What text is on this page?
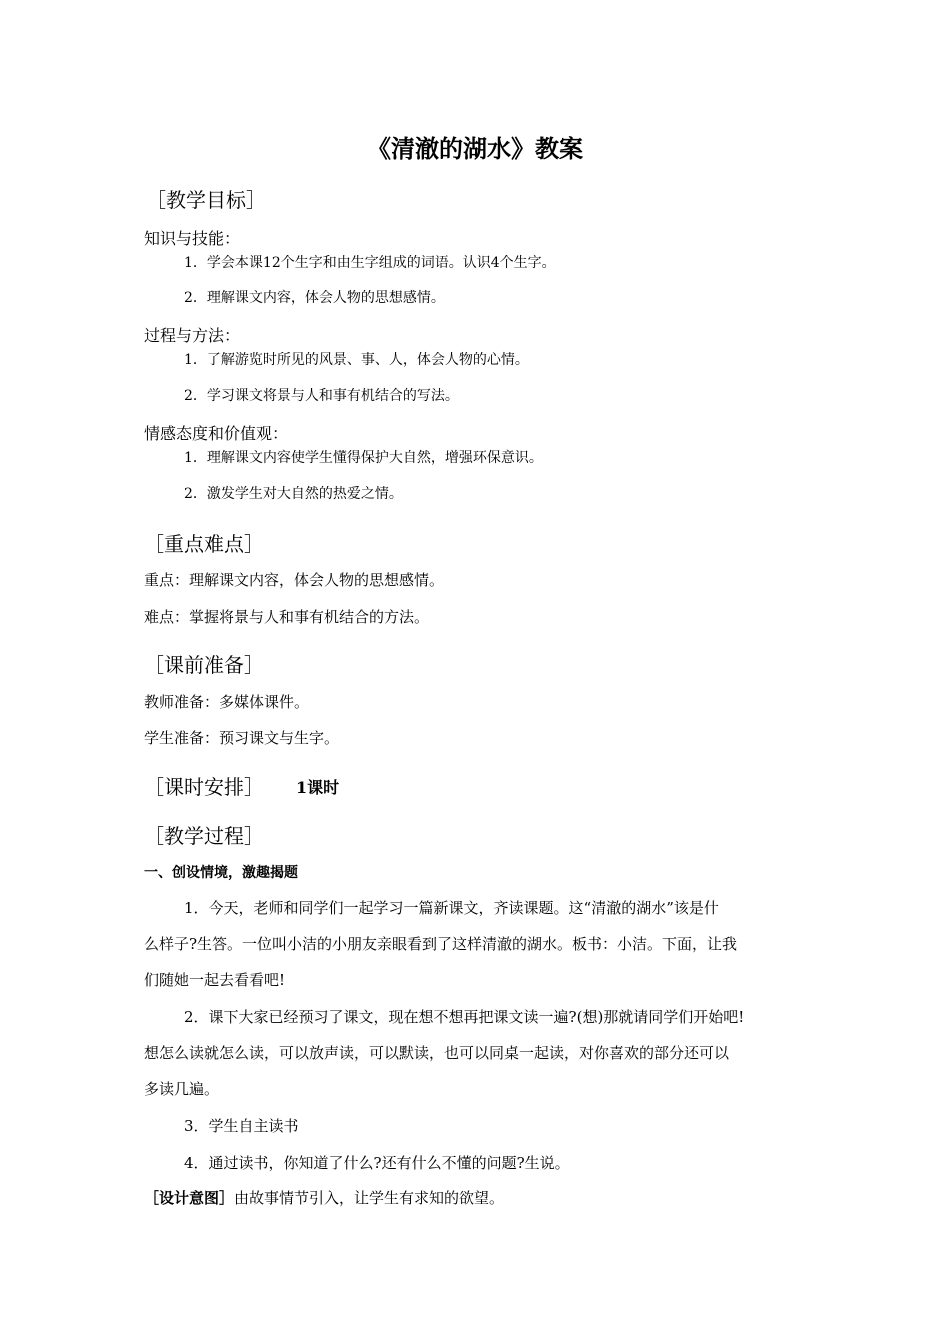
《清澈的湖水》教案
［教学目标］
知识与技能：
1．学会本课12个生字和由生字组成的词语。认识4个生字。
2．理解课文内容，体会人物的思想感情。
过程与方法：
1．了解游览时所见的风景、事、人，体会人物的心情。
2．学习课文将景与人和事有机结合的写法。
情感态度和价值观：
1．理解课文内容使学生懂得保护大自然，增强环保意识。
2．激发学生对大自然的热爱之情。
［重点难点］
重点：理解课文内容，体会人物的思想感情。
难点：掌握将景与人和事有机结合的方法。
［课前准备］
教师准备：多媒体课件。
学生准备：预习课文与生字。
［课时安排］ 1课时
［教学过程］
一、创设情境，激趣揭题
1．今天，老师和同学们一起学习一篇新课文，齐读课题。这“清澈的湖水”该是什
么样子?生答。一位叫小洁的小朋友亲眼看到了这样清澈的湖水。板书：小洁。下面，让我
们随她一起去看看吧!
2．课下大家已经预习了课文，现在想不想再把课文读一遍?(想)那就请同学们开始吧!
想怎么读就怎么读，可以放声读，可以默读，也可以同桌一起读，对你喜欢的部分还可以
多读几遍。
3．学生自主读书
4．通过读书，你知道了什么?还有什么不懂的问题?生说。
［设计意图］由故事情节引入，让学生有求知的欲望。
